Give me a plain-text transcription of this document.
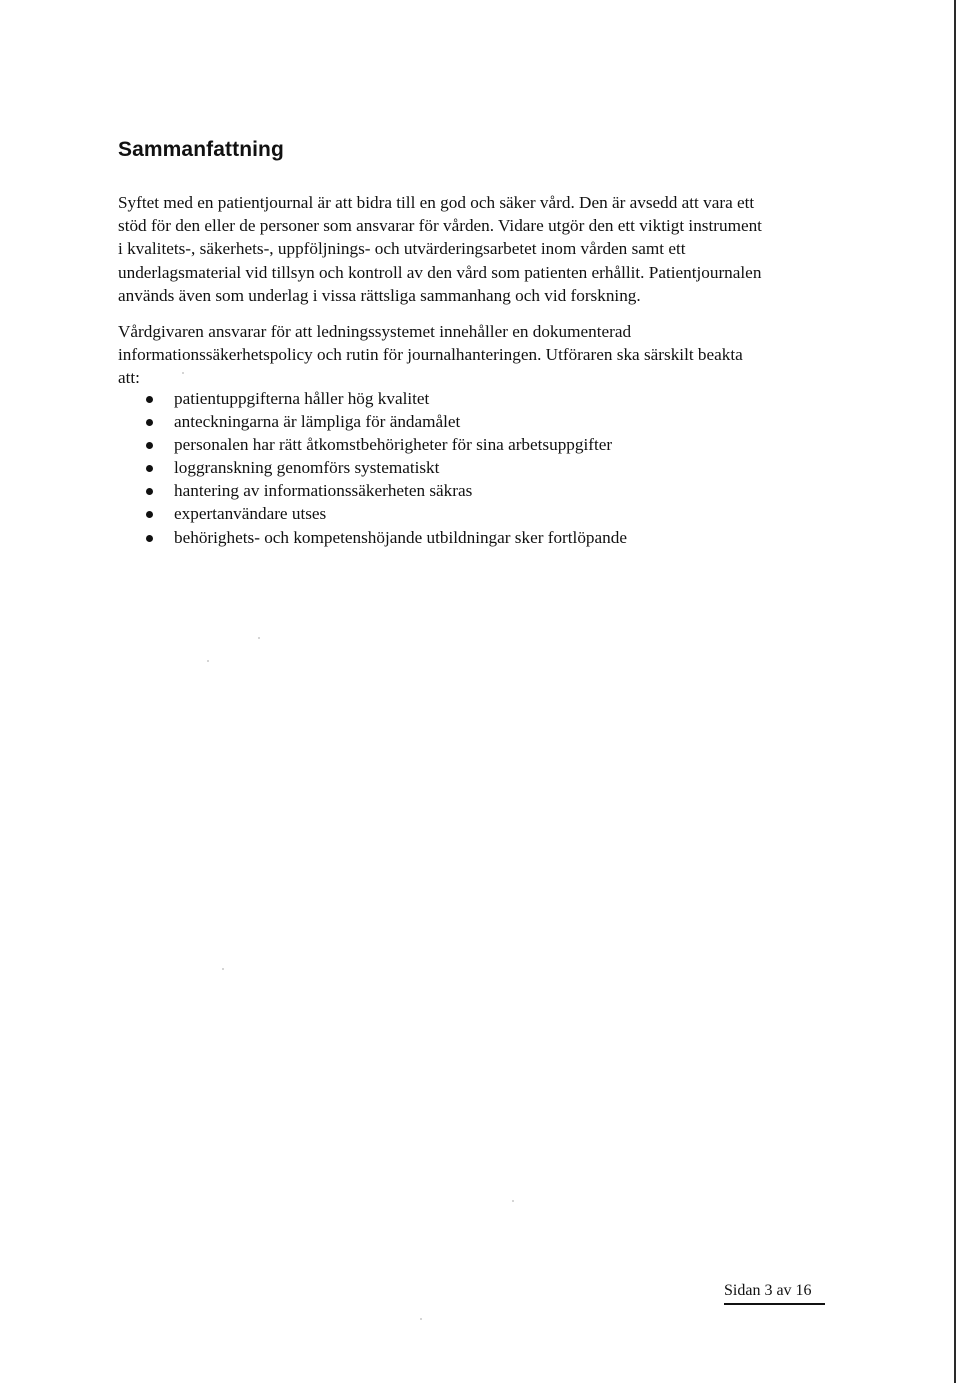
Sammanfattning
Syftet med en patientjournal är att bidra till en god och säker vård. Den är avsedd att vara ett
stöd för den eller de personer som ansvarar för vården. Vidare utgör den ett viktigt instrument
i kvalitets-, säkerhets-, uppföljnings- och utvärderingsarbetet inom vården samt ett
underlagsmaterial vid tillsyn och kontroll av den vård som patienten erhållit. Patientjournalen
används även som underlag i vissa rättsliga sammanhang och vid forskning.
Vårdgivaren ansvarar för att ledningssystemet innehåller en dokumenterad
informationssäkerhetspolicy och rutin för journalhanteringen. Utföraren ska särskilt beakta
att:
patientuppgifterna håller hög kvalitet
anteckningarna är lämpliga för ändamålet
personalen har rätt åtkomstbehörigheter för sina arbetsuppgifter
loggranskning genomförs systematiskt
hantering av informationssäkerheten säkras
expertanvändare utses
behörighets- och kompetenshöjande utbildningar sker fortlöpande
Sidan 3 av 16
